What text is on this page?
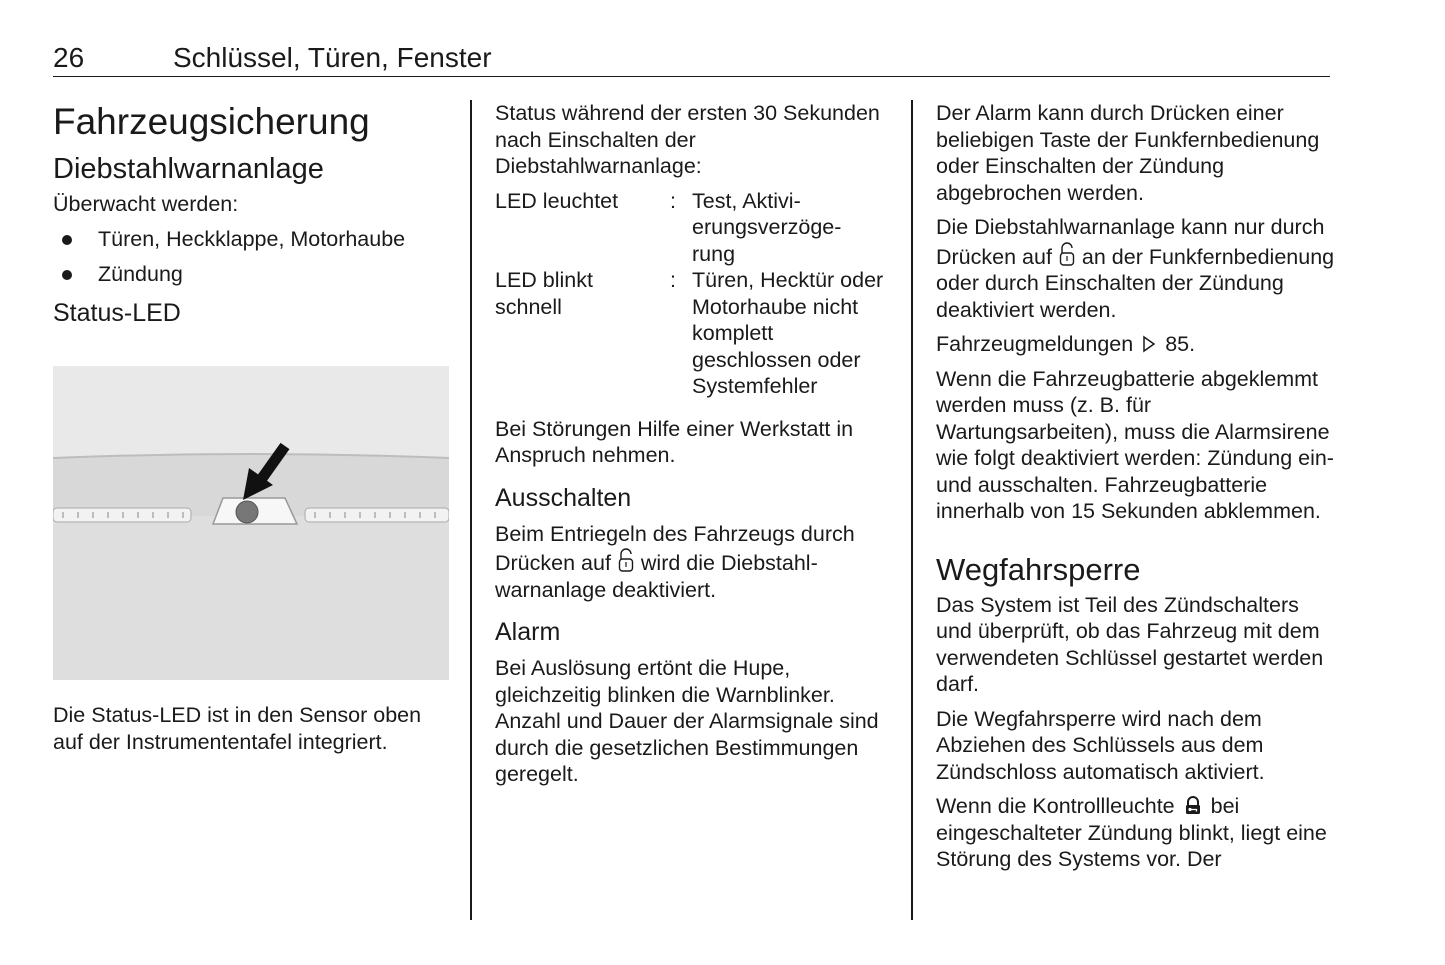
26	Schlüssel, Türen, Fenster
Fahrzeugsicherung
Diebstahlwarnanlage
Überwacht werden:
Türen, Heckklappe, Motorhaube
Zündung
Status-LED
Die Status-LED ist in den Sensor oben auf der Instrumententafel integriert.
Status während der ersten 30 Sekunden nach Einschalten der Diebstahlwarnanlage:
LED leuchtet	: Test, Aktivierungsverzögerung
LED blinkt schnell
: Türen, Hecktür oder Motorhaube nicht komplett geschlossen oder Systemfehler
Bei Störungen Hilfe einer Werkstatt in Anspruch nehmen.
Ausschalten
Beim Entriegeln des Fahrzeugs durch Drücken auf wird die Diebstahlwarnanlage deaktiviert.
Alarm
Bei Auslösung ertönt die Hupe, gleichzeitig blinken die Warnblinker. Anzahl und Dauer der Alarmsignale sind durch die gesetzlichen Bestimmungen geregelt.
Der Alarm kann durch Drücken einer beliebigen Taste der Funkfernbedienung oder Einschalten der Zündung abgebrochen werden.
Die Diebstahlwarnanlage kann nur durch Drücken auf an der Funkfernbedienung oder durch Einschalten der Zündung deaktiviert werden.
Fahrzeugmeldungen 85.
Wenn die Fahrzeugbatterie abgeklemmt werden muss (z. B. für Wartungsarbeiten), muss die Alarmsirene wie folgt deaktiviert werden: Zündung ein- und ausschalten. Fahrzeugbatterie innerhalb von 15 Sekunden abklemmen.
Wegfahrsperre
Das System ist Teil des Zündschalters und überprüft, ob das Fahrzeug mit dem verwendeten Schlüssel gestartet werden darf.
Die Wegfahrsperre wird nach dem Abziehen des Schlüssels aus dem Zündschloss automatisch aktiviert.
Wenn die Kontrollleuchte bei eingeschalteter Zündung blinkt, liegt eine Störung des Systems vor. Der
